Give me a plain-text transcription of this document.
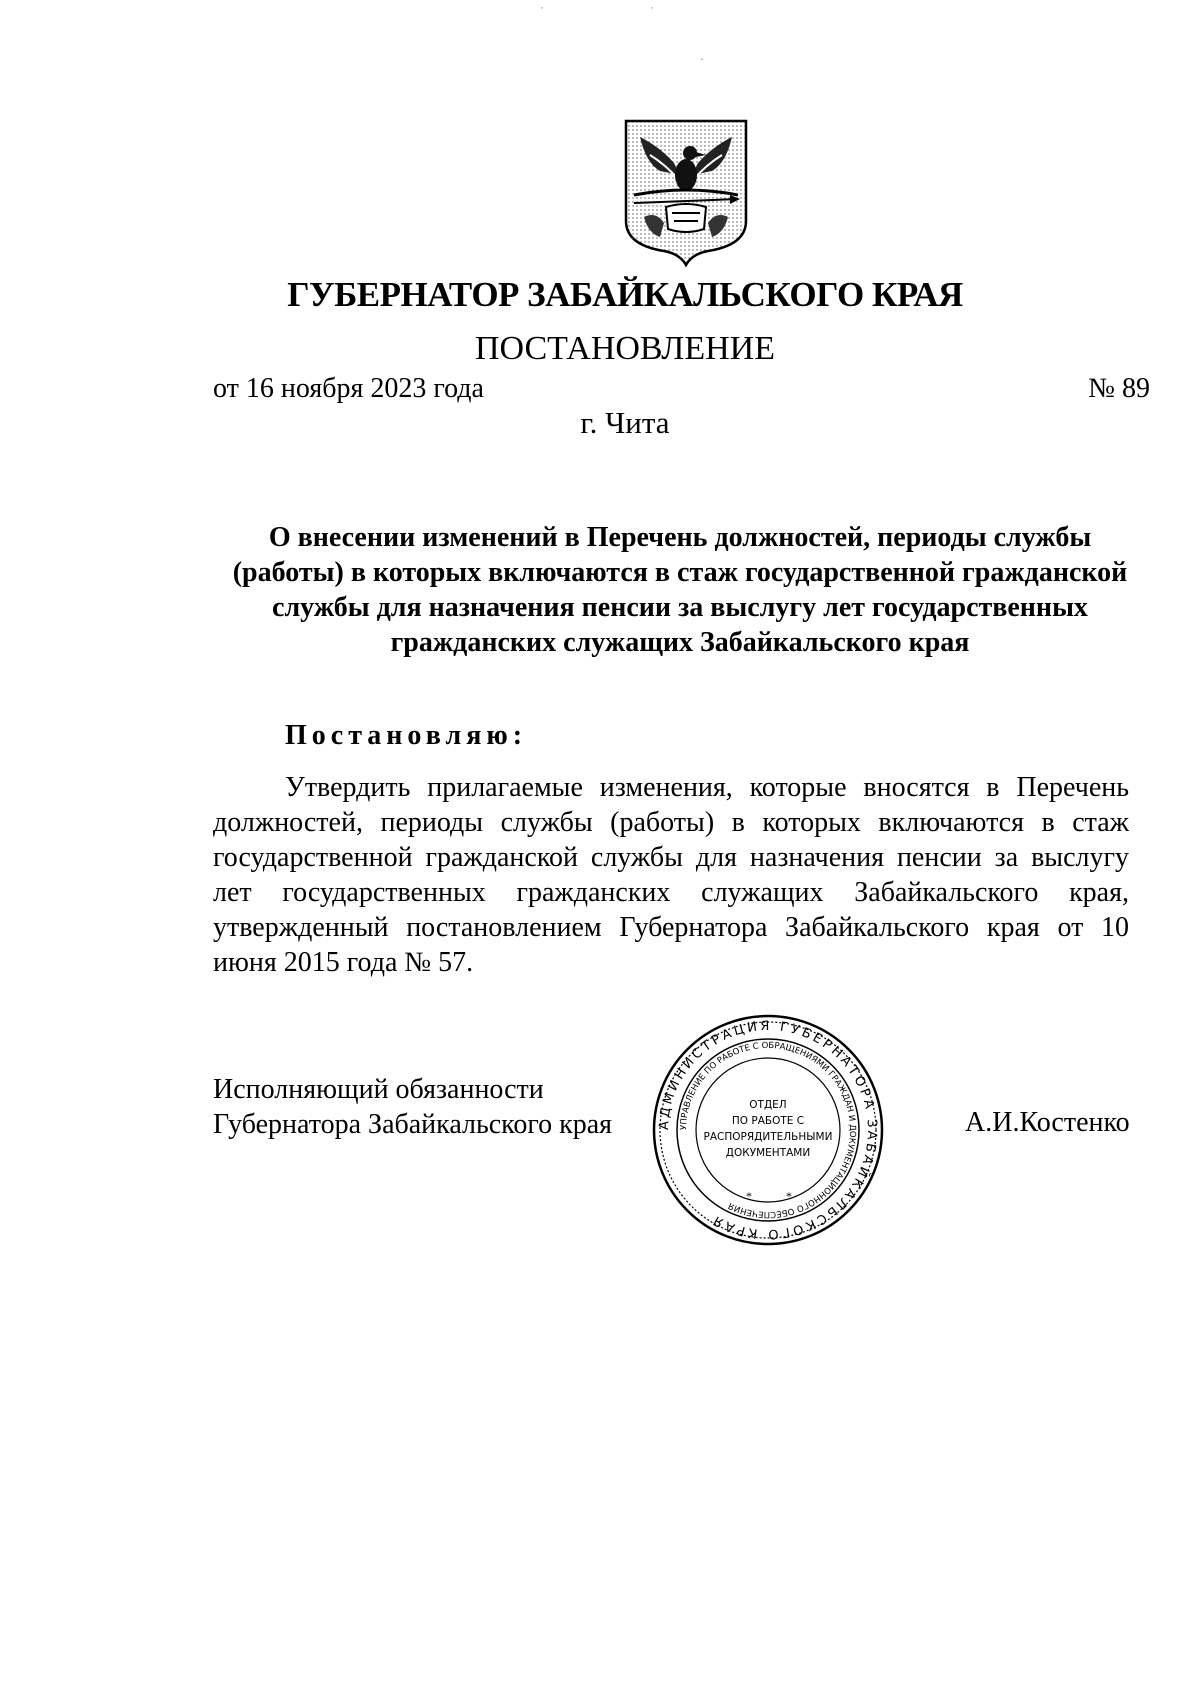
ГУБЕРНАТОР ЗАБАЙКАЛЬСКОГО КРАЯ
ПОСТАНОВЛЕНИЕ
от 16 ноября 2023 года	№ 89
г. Чита
О внесении изменений в Перечень должностей, периоды службы (работы) в которых включаются в стаж государственной гражданской службы для назначения пенсии за выслугу лет государственных гражданских служащих Забайкальского края
Постановляю:
Утвердить прилагаемые изменения, которые вносятся в Перечень должностей, периоды службы (работы) в которых включаются в стаж государственной гражданской службы для назначения пенсии за выслугу лет государственных гражданских служащих Забайкальского края, утвержденный постановлением Губернатора Забайкальского края от 10 июня 2015 года № 57.
Исполняющий обязанности
Губернатора Забайкальского края	А.И.Костенко
АДМИНИСТРАЦИЯ ГУБЕРНАТОРА ЗАБАЙКАЛЬСКОГО КРАЯ
УПРАВЛЕНИЕ ПО РАБОТЕ С ОБРАЩЕНИЯМИ ГРАЖДАН И ДОКУМЕНТАЦИОННОГО ОБЕСПЕЧЕНИЯ
ОТДЕЛ
ПО РАБОТЕ С
РАСПОРЯДИТЕЛЬНЫМИ
ДОКУМЕНТАМИ
*	*
˙	˙
·
